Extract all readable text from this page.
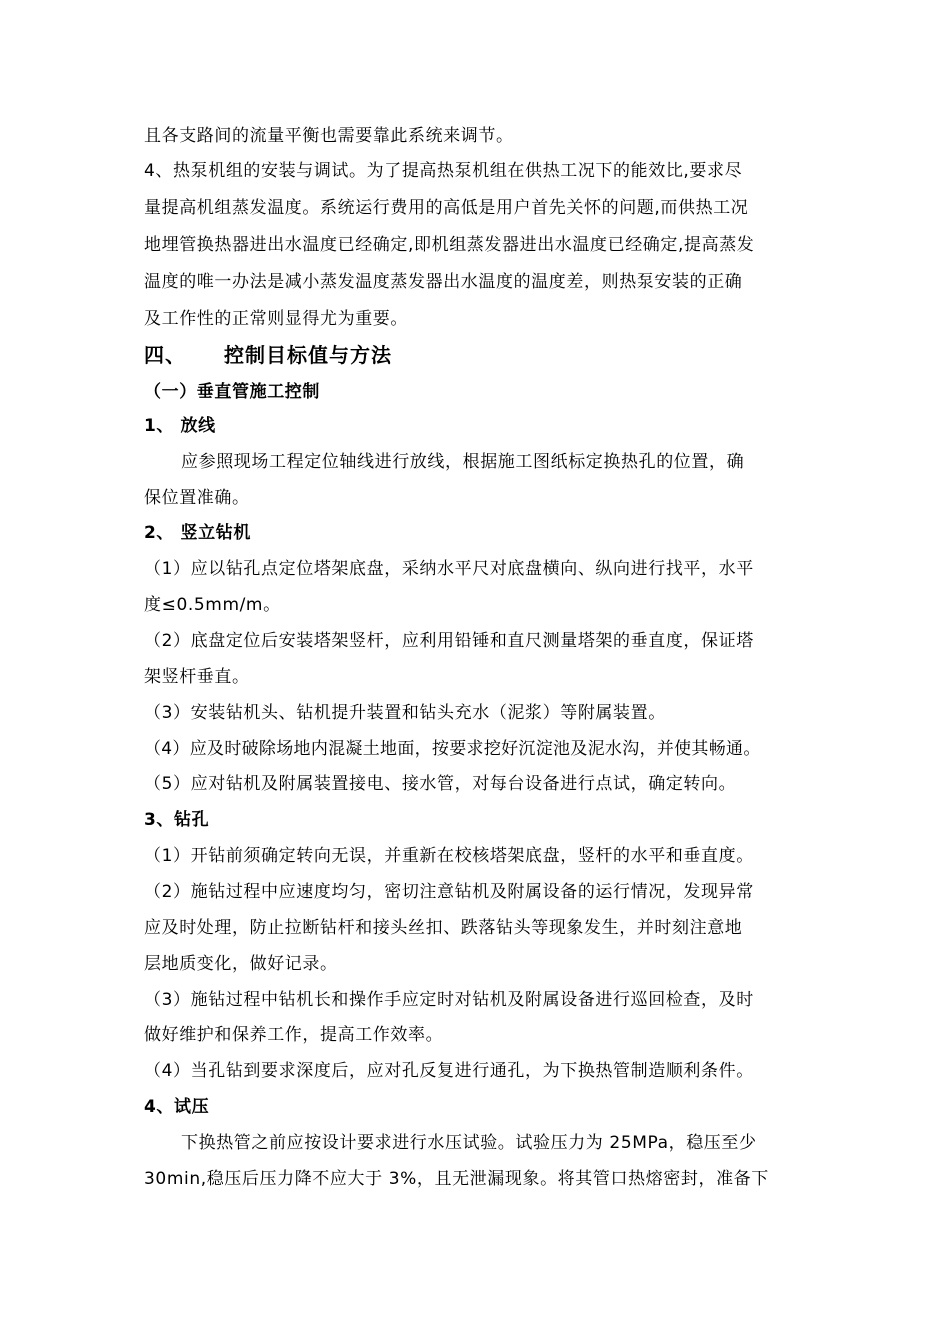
且各支路间的流量平衡也需要靠此系统来调节。
4、热泵机组的安装与调试。为了提高热泵机组在供热工况下的能效比,要求尽
量提高机组蒸发温度。系统运行费用的高低是用户首先关怀的问题,而供热工况
地埋管换热器进出水温度已经确定,即机组蒸发器进出水温度已经确定,提高蒸发
温度的唯一办法是减小蒸发温度蒸发器出水温度的温度差，则热泵安装的正确
及工作性的正常则显得尤为重要。
四、 控制目标值与方法
（一）垂直管施工控制
1、 放线
应参照现场工程定位轴线进行放线，根据施工图纸标定换热孔的位置，确
保位置准确。
2、 竖立钻机
（1）应以钻孔点定位塔架底盘，采纳水平尺对底盘横向、纵向进行找平，水平
度≤0.5mm/m。
（2）底盘定位后安装塔架竖杆，应利用铅锤和直尺测量塔架的垂直度，保证塔
架竖杆垂直。
（3）安装钻机头、钻机提升装置和钻头充水（泥浆）等附属装置。
（4）应及时破除场地内混凝土地面，按要求挖好沉淀池及泥水沟，并使其畅通。
（5）应对钻机及附属装置接电、接水管，对每台设备进行点试，确定转向。
3、钻孔
（1）开钻前须确定转向无误，并重新在校核塔架底盘，竖杆的水平和垂直度。
（2）施钻过程中应速度均匀，密切注意钻机及附属设备的运行情况，发现异常
应及时处理，防止拉断钻杆和接头丝扣、跌落钻头等现象发生，并时刻注意地
层地质变化，做好记录。
（3）施钻过程中钻机长和操作手应定时对钻机及附属设备进行巡回检查，及时
做好维护和保养工作，提高工作效率。
（4）当孔钻到要求深度后，应对孔反复进行通孔，为下换热管制造顺利条件。
4、试压
下换热管之前应按设计要求进行水压试验。试验压力为 25MPa，稳压至少
30min,稳压后压力降不应大于 3%，且无泄漏现象。将其管口热熔密封，准备下
